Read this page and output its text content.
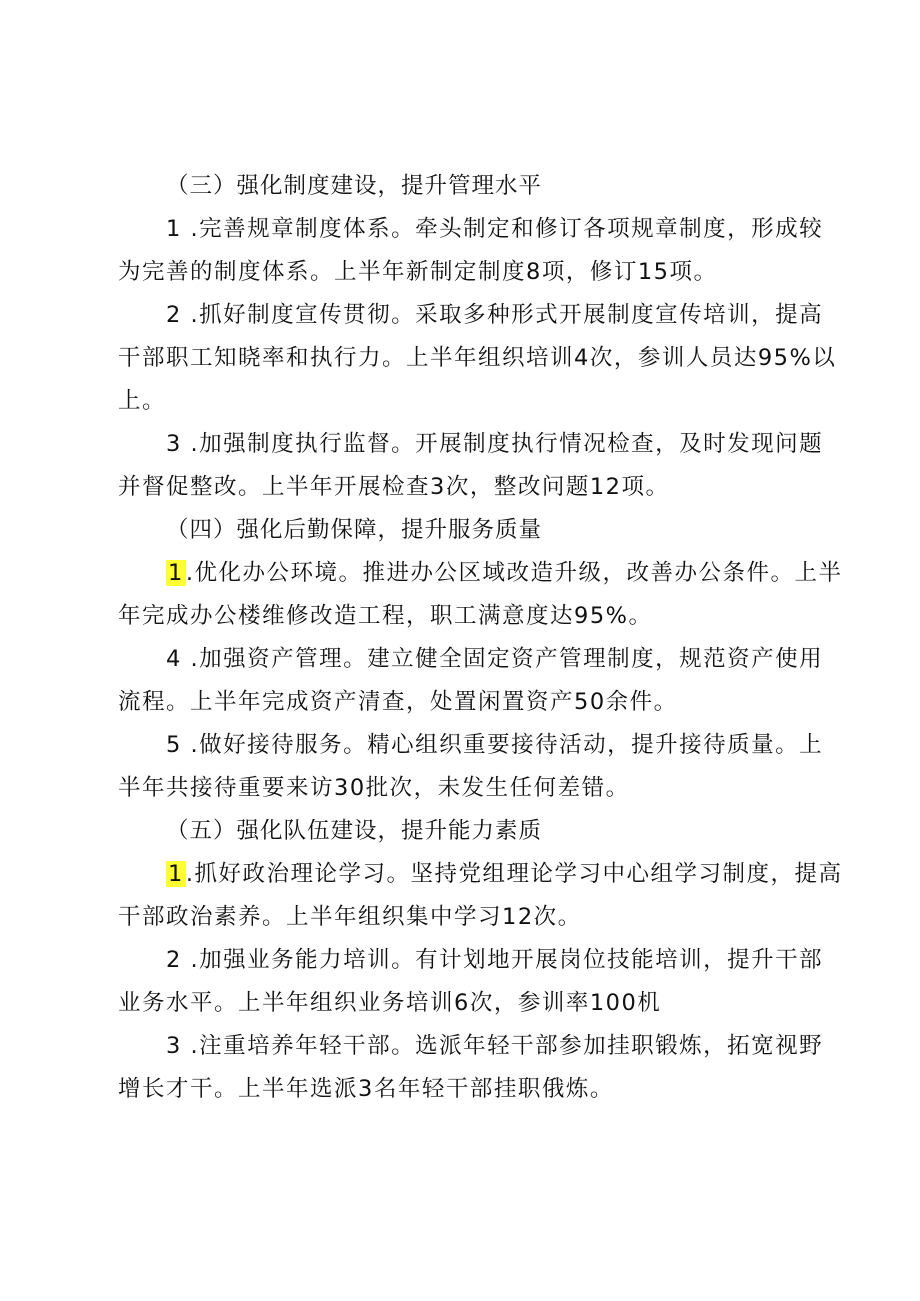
（三）强化制度建设，提升管理水平
1 .完善规章制度体系。牵头制定和修订各项规章制度，形成较
为完善的制度体系。上半年新制定制度8项，修订15项。
2 .抓好制度宣传贯彻。采取多种形式开展制度宣传培训，提高
干部职工知晓率和执行力。上半年组织培训4次，参训人员达95%以
上。
3 .加强制度执行监督。开展制度执行情况检查，及时发现问题
并督促整改。上半年开展检查3次，整改问题12项。
（四）强化后勤保障，提升服务质量
1.优化办公环境。推进办公区域改造升级，改善办公条件。上半
年完成办公楼维修改造工程，职工满意度达95%。
4 .加强资产管理。建立健全固定资产管理制度，规范资产使用
流程。上半年完成资产清查，处置闲置资产50余件。
5 .做好接待服务。精心组织重要接待活动，提升接待质量。上
半年共接待重要来访30批次，未发生任何差错。
（五）强化队伍建设，提升能力素质
1.抓好政治理论学习。坚持党组理论学习中心组学习制度，提高
干部政治素养。上半年组织集中学习12次。
2 .加强业务能力培训。有计划地开展岗位技能培训，提升干部
业务水平。上半年组织业务培训6次，参训率100机
3 .注重培养年轻干部。选派年轻干部参加挂职锻炼，拓宽视野
增长才干。上半年选派3名年轻干部挂职俄炼。
